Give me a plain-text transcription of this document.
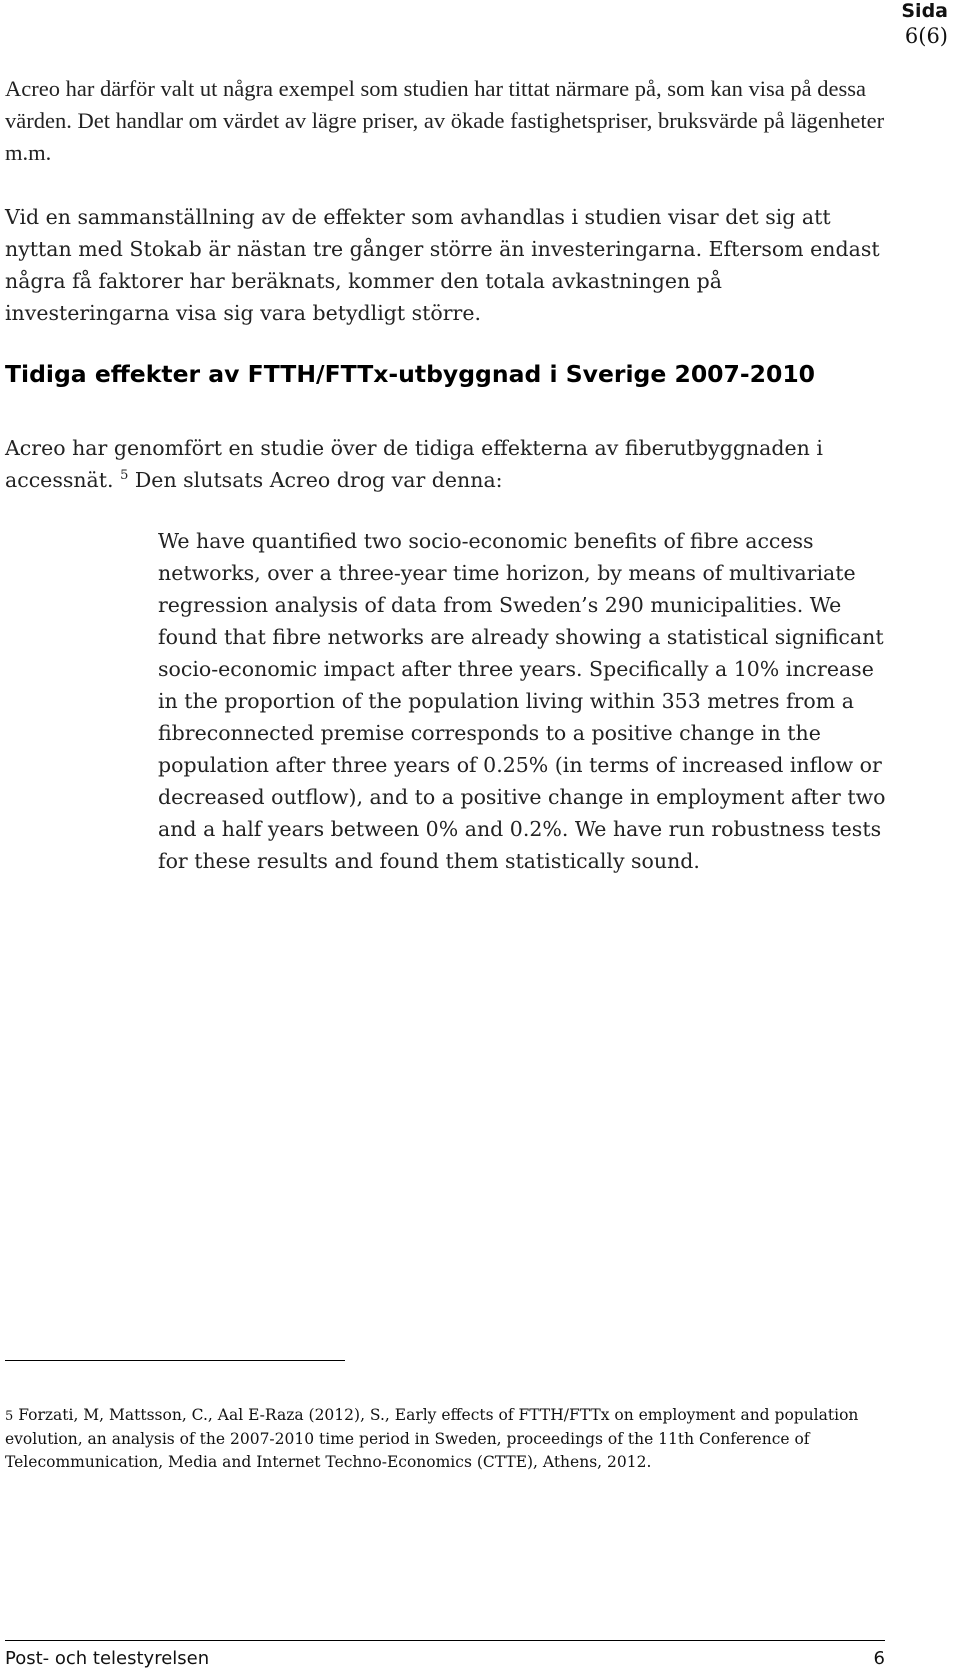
Sida
6(6)

Acreo har därför valt ut några exempel som studien har tittat närmare på, som kan visa på dessa värden. Det handlar om värdet av lägre priser, av ökade fastighetspriser, bruksvärde på lägenheter m.m.

Vid en sammanställning av de effekter som avhandlas i studien visar det sig att nyttan med Stokab är nästan tre gånger större än investeringarna. Eftersom endast några få faktorer har beräknats, kommer den totala avkastningen på investeringarna visa sig vara betydligt större.

Tidiga effekter av FTTH/FTTx-utbyggnad i Sverige 2007-2010

Acreo har genomfört en studie över de tidiga effekterna av fiberutbyggnaden i accessnät. $^5$ Den slutsats Acreo drog var denna:

We have quantified two socio-economic benefits of fibre access networks, over a three-year time horizon, by means of multivariate regression analysis of data from Sweden’s 290 municipalities. We found that fibre networks are already showing a statistical significant socio-economic impact after three years. Specifically a 10% increase in the proportion of the population living within 353 metres from a fibreconnected premise corresponds to a positive change in the population after three years of 0.25% (in terms of increased inflow or decreased outflow), and to a positive change in employment after two and a half years between 0% and 0.2%. We have run robustness tests for these results and found them statistically sound.

5 Forzati, M, Mattsson, C., Aal E-Raza (2012), S., Early effects of FTTH/FTTx on employment and population evolution, an analysis of the 2007-2010 time period in Sweden, proceedings of the 11th Conference of Telecommunication, Media and Internet Techno-Economics (CTTE), Athens, 2012.

Post- och telestyrelsen	6
